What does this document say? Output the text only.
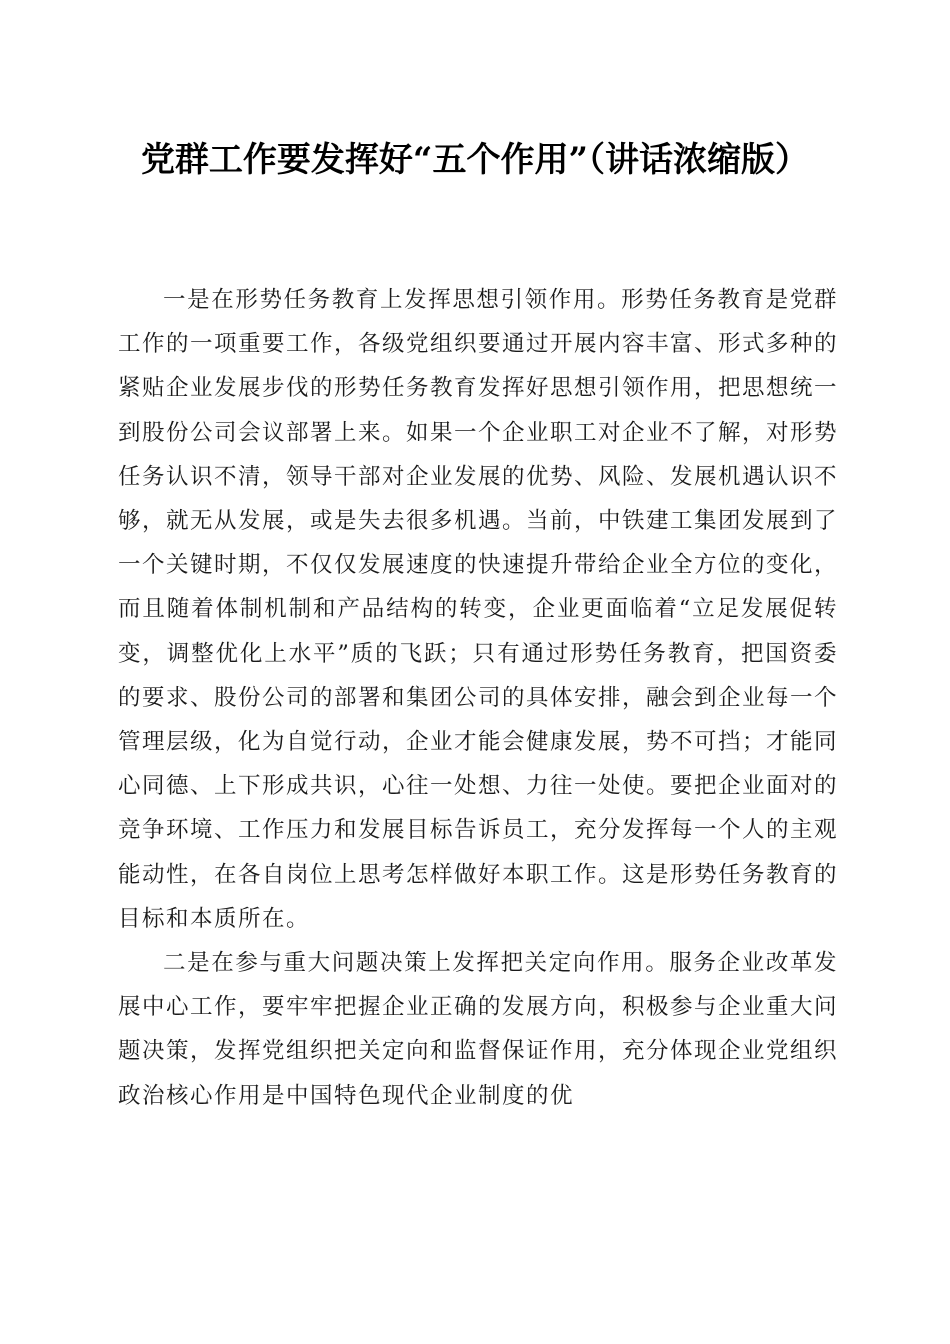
党群工作要发挥好“五个作用”（讲话浓缩版）

一是在形势任务教育上发挥思想引领作用。形势任务教育是党群工作的一项重要工作，各级党组织要通过开展内容丰富、形式多种的紧贴企业发展步伐的形势任务教育发挥好思想引领作用，把思想统一到股份公司会议部署上来。如果一个企业职工对企业不了解，对形势任务认识不清，领导干部对企业发展的优势、风险、发展机遇认识不够，就无从发展，或是失去很多机遇。当前，中铁建工集团发展到了一个关键时期，不仅仅发展速度的快速提升带给企业全方位的变化，而且随着体制机制和产品结构的转变，企业更面临着“立足发展促转变，调整优化上水平”质的飞跃；只有通过形势任务教育，把国资委的要求、股份公司的部署和集团公司的具体安排，融会到企业每一个管理层级，化为自觉行动，企业才能会健康发展，势不可挡；才能同心同德、上下形成共识，心往一处想、力往一处使。要把企业面对的竞争环境、工作压力和发展目标告诉员工，充分发挥每一个人的主观能动性，在各自岗位上思考怎样做好本职工作。这是形势任务教育的目标和本质所在。

二是在参与重大问题决策上发挥把关定向作用。服务企业改革发展中心工作，要牢牢把握企业正确的发展方向，积极参与企业重大问题决策，发挥党组织把关定向和监督保证作用，充分体现企业党组织政治核心作用是中国特色现代企业制度的优
